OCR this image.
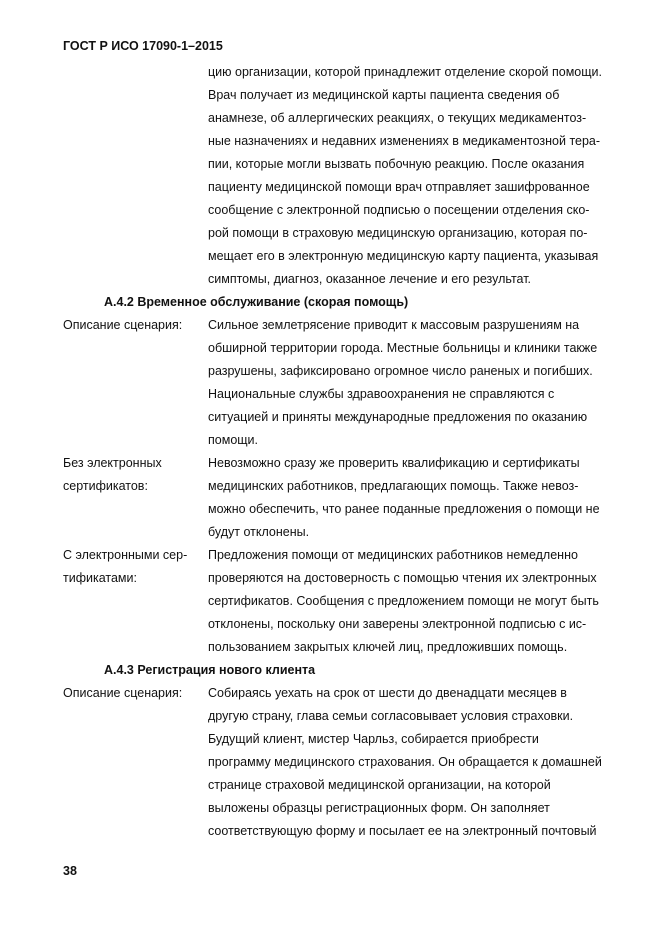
ГОСТ Р ИСО 17090-1–2015
цию организации, которой принадлежит отделение скорой помощи.
Врач получает из медицинской карты пациента сведения об
анамнезе, об аллергических реакциях, о текущих медикаментоз-
ные назначениях и недавних изменениях в медикаментозной тера-
пии, которые могли вызвать побочную реакцию. После оказания
пациенту медицинской помощи врач отправляет зашифрованное
сообщение с электронной подписью о посещении отделения ско-
рой помощи в страховую медицинскую организацию, которая по-
мещает его в электронную медицинскую карту пациента, указывая
симптомы, диагноз, оказанное лечение и его результат.
А.4.2 Временное обслуживание (скорая помощь)
Описание сценария: Сильное землетрясение приводит к массовым разрушениям на
обширной территории города. Местные больницы и клиники также
разрушены, зафиксировано огромное число раненых и погибших.
Национальные службы здравоохранения не справляются с
ситуацией и приняты международные предложения по оказанию
помощи.
Без электронных	Невозможно сразу же проверить квалификацию и сертификаты
сертификатов:	медицинских работников, предлагающих помощь. Также невоз-
можно обеспечить, что ранее поданные предложения о помощи не
будут отклонены.
С электронными сер- Предложения помощи от медицинских работников немедленно
тификатами:	проверяются на достоверность с помощью чтения их электронных
сертификатов. Сообщения с предложением помощи не могут быть
отклонены, поскольку они заверены электронной подписью с ис-
пользованием закрытых ключей лиц, предложивших помощь.
А.4.3 Регистрация нового клиента
Описание сценария: Собираясь уехать на срок от шести до двенадцати месяцев в
другую страну, глава семьи согласовывает условия страховки.
Будущий клиент, мистер Чарльз, собирается приобрести
программу медицинского страхования. Он обращается к домашней
странице страховой медицинской организации, на которой
выложены образцы регистрационных форм. Он заполняет
соответствующую форму и посылает ее на электронный почтовый
38
